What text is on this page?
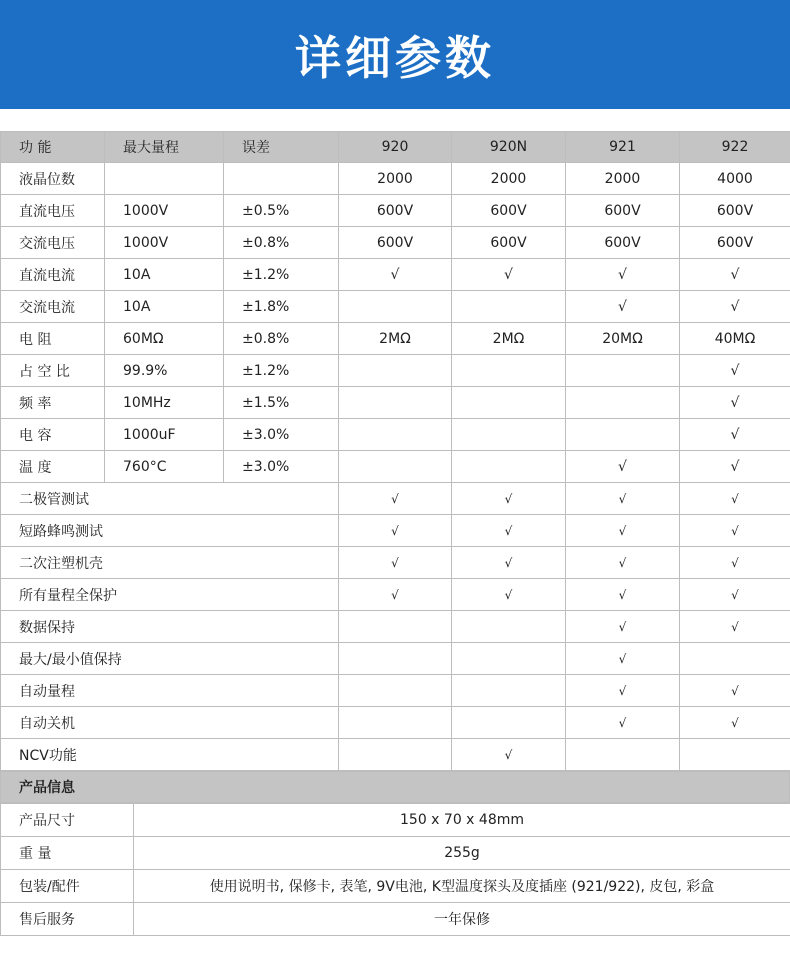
详细参数
功 能	最大量程	误差	920	920N	921	922
液晶位数			2000	2000	2000	4000
直流电压	1000V	±0.5%	600V	600V	600V	600V
交流电压	1000V	±0.8%	600V	600V	600V	600V
直流电流	10A	±1.2%	√	√	√	√
交流电流	10A	±1.8%			√	√
电 阻	60MΩ	±0.8%	2MΩ	2MΩ	20MΩ	40MΩ
占 空 比	99.9%	±1.2%				√
频 率	10MHz	±1.5%				√
电 容	1000uF	±3.0%				√
温 度	760°C	±3.0%			√	√
二极管测试			√	√	√	√
短路蜂鸣测试			√	√	√	√
二次注塑机壳			√	√	√	√
所有量程全保护			√	√	√	√
数据保持					√	√
最大/最小值保持					√	
自动量程					√	√
自动关机					√	√
NCV功能				√		
产品信息
产品尺寸	150 x 70 x 48mm
重 量	255g
包装/配件	使用说明书, 保修卡, 表笔, 9V电池, K型温度探头及度插座 (921/922), 皮包, 彩盒
售后服务	一年保修
